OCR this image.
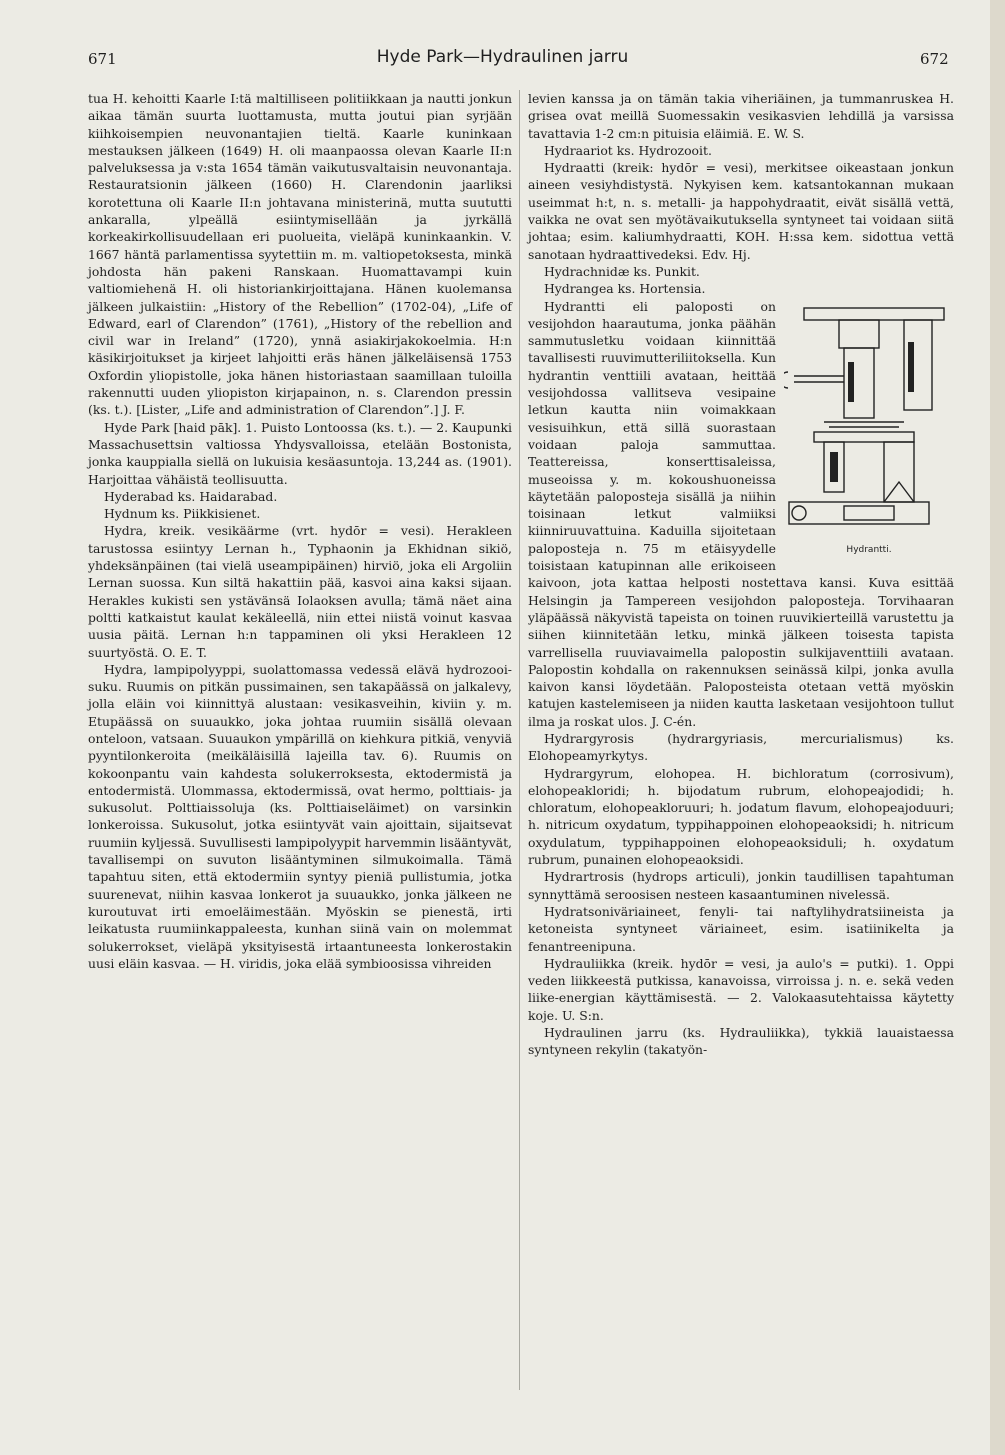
671	Hyde Park—Hydraulinen jarru	672

tua H. kehoitti Kaarle I:tä maltilliseen politiikkaan ja nautti jonkun aikaa tämän suurta luottamusta, mutta joutui pian syrjään kiihkoisempien neuvonantajien tieltä. Kaarle kuninkaan mestauksen jälkeen (1649) H. oli maanpaossa olevan Kaarle II:n palveluksessa ja v:sta 1654 tämän vaikutusvaltaisin neuvonantaja. Restauratsionin jälkeen (1660) H. Clarendonin jaarliksi korotettuna oli Kaarle II:n johtavana ministerinä, mutta suututti ankaralla, ylpeällä esiintymisellään ja jyrkällä korkeakirkollisuudellaan eri puolueita, vieläpä kuninkaankin. V. 1667 häntä parlamentissa syytettiin m. m. valtiopetoksesta, minkä johdosta hän pakeni Ranskaan. Huomattavampi kuin valtiomiehenä H. oli historiankirjoittajana. Hänen kuolemansa jälkeen julkaistiin: „History of the Rebellion” (1702-04), „Life of Edward, earl of Clarendon” (1761), „History of the rebellion and civil war in Ireland” (1720), ynnä asiakirjakokoelmia. H:n käsikirjoitukset ja kirjeet lahjoitti eräs hänen jälkeläisensä 1753 Oxfordin yliopistolle, joka hänen historiastaan saamillaan tuloilla rakennutti uuden yliopiston kirjapainon, n. s. Clarendon pressin (ks. t.). [Lister, „Life and administration of Clarendon”.] J. F.

Hyde Park [haid pāk]. 1. Puisto Lontoossa (ks. t.). — 2. Kaupunki Massachusettsin valtiossa Yhdysvalloissa, etelään Bostonista, jonka kauppialla siellä on lukuisia kesäasuntoja. 13,244 as. (1901). Harjoittaa vähäistä teollisuutta.

Hyderabad ks. Haidarabad.

Hydnum ks. Piikkisienet.

Hydra, kreik. vesikäärme (vrt. hydōr = vesi). Herakleen tarustossa esiintyy Lernan h., Typhaonin ja Ekhidnan sikiö, yhdeksänpäinen (tai vielä useampipäinen) hirviö, joka eli Argoliin Lernan suossa. Kun siltä hakattiin pää, kasvoi aina kaksi sijaan. Herakles kukisti sen ystävänsä Iolaoksen avulla; tämä näet aina poltti katkaistut kaulat kekäleellä, niin ettei niistä voinut kasvaa uusia päitä. Lernan h:n tappaminen oli yksi Herakleen 12 suurtyöstä. O. E. T.

Hydra, lampipolyyppi, suolattomassa vedessä elävä hydrozooi-suku. Ruumis on pitkän pussimainen, sen takapäässä on jalkalevy, jolla eläin voi kiinnittyä alustaan: vesikasveihin, kiviin y. m. Etupäässä on suuaukko, joka johtaa ruumiin sisällä olevaan onteloon, vatsaan. Suuaukon ympärillä on kiehkura pitkiä, venyviä pyyntilonkeroita (meikäläisillä lajeilla tav. 6). Ruumis on kokoonpantu vain kahdesta solukerroksesta, ektodermistä ja entodermistä. Ulommassa, ektodermissä, ovat hermo, polttiais- ja sukusolut. Polttiaissoluja (ks. Polttiaiseläimet) on varsinkin lonkeroissa. Sukusolut, jotka esiintyvät vain ajoittain, sijaitsevat ruumiin kyljessä. Suvullisesti lampipolyypit harvemmin lisääntyvät, tavallisempi on suvuton lisääntyminen silmukoimalla. Tämä tapahtuu siten, että ektodermiin syntyy pieniä pullistumia, jotka suurenevat, niihin kasvaa lonkerot ja suuaukko, jonka jälkeen ne kuroutuvat irti emoeläimestään. Myöskin se pienestä, irti leikatusta ruumiinkappaleesta, kunhan siinä vain on molemmat solukerrokset, vieläpä yksityisestä irtaantuneesta lonkerostakin uusi eläin kasvaa. — H. viridis, joka elää symbioosissa vihreiden

levien kanssa ja on tämän takia viheriäinen, ja tummanruskea H. grisea ovat meillä Suomessakin vesikasvien lehdillä ja varsissa tavattavia 1-2 cm:n pituisia eläimiä. E. W. S.

Hydraariot ks. Hydrozooit.

Hydraatti (kreik: hydōr = vesi), merkitsee oikeastaan jonkun aineen vesiyhdistystä. Nykyisen kem. katsantokannan mukaan useimmat h:t, n. s. metalli- ja happohydraatit, eivät sisällä vettä, vaikka ne ovat sen myötävaikutuksella syntyneet tai voidaan siitä johtaa; esim. kaliumhydraatti, KOH. H:ssa kem. sidottua vettä sanotaan hydraattivedeksi. Edv. Hj.

Hydrachnidæ ks. Punkit.

Hydrangea ks. Hortensia.

Hydrantti.

Hydrantti eli paloposti on vesijohdon haarautuma, jonka päähän sammutusletku voidaan kiinnittää tavallisesti ruuvimutteriliitoksella. Kun hydrantin venttiili avataan, heittää vesijohdossa vallitseva vesipaine letkun kautta niin voimakkaan vesisuihkun, että sillä suorastaan voidaan paloja sammuttaa. Teattereissa, konserttisaleissa, museoissa y. m. kokoushuoneissa käytetään paloposteja sisällä ja niihin toisinaan letkut valmiiksi kiinniruuvattuina. Kaduilla sijoitetaan paloposteja n. 75 m etäisyydelle toisistaan katupinnan alle erikoiseen kaivoon, jota kattaa helposti nostettava kansi. Kuva esittää Helsingin ja Tampereen vesijohdon paloposteja. Torvihaaran yläpäässä näkyvistä tapeista on toinen ruuvikierteillä varustettu ja siihen kiinnitetään letku, minkä jälkeen toisesta tapista varrellisella ruuviavaimella palopostin sulkijaventtiili avataan. Palopostin kohdalla on rakennuksen seinässä kilpi, jonka avulla kaivon kansi löydetään. Paloposteista otetaan vettä myöskin katujen kastelemiseen ja niiden kautta lasketaan vesijohtoon tullut ilma ja roskat ulos. J. C-én.

Hydrargyrosis (hydrargyriasis, mercurialismus) ks. Elohopeamyrkytys.

Hydrargyrum, elohopea. H. bichloratum (corrosivum), elohopeakloridi; h. bijodatum rubrum, elohopeajodidi; h. chloratum, elohopeakloruuri; h. jodatum flavum, elohopeajoduuri; h. nitricum oxydatum, typpihappoinen elohopeaoksidi; h. nitricum oxydulatum, typpihappoinen elohopeaoksiduli; h. oxydatum rubrum, punainen elohopeaoksidi.

Hydrartrosis (hydrops articuli), jonkin taudillisen tapahtuman synnyttämä seroosisen nesteen kasaantuminen nivelessä.

Hydratsoniväriaineet, fenyli- tai naftylihydratsiineista ja ketoneista syntyneet väriaineet, esim. isatiinikelta ja fenantreenipuna.

Hydrauliikka (kreik. hydōr = vesi, ja aulo's = putki). 1. Oppi veden liikkeestä putkissa, kanavoissa, virroissa j. n. e. sekä veden liike-energian käyttämisestä. — 2. Valokaasutehtaissa käytetty koje. U. S:n.

Hydraulinen jarru (ks. Hydrauliikka), tykkiä lauaistaessa syntyneen rekylin (takatyön-
